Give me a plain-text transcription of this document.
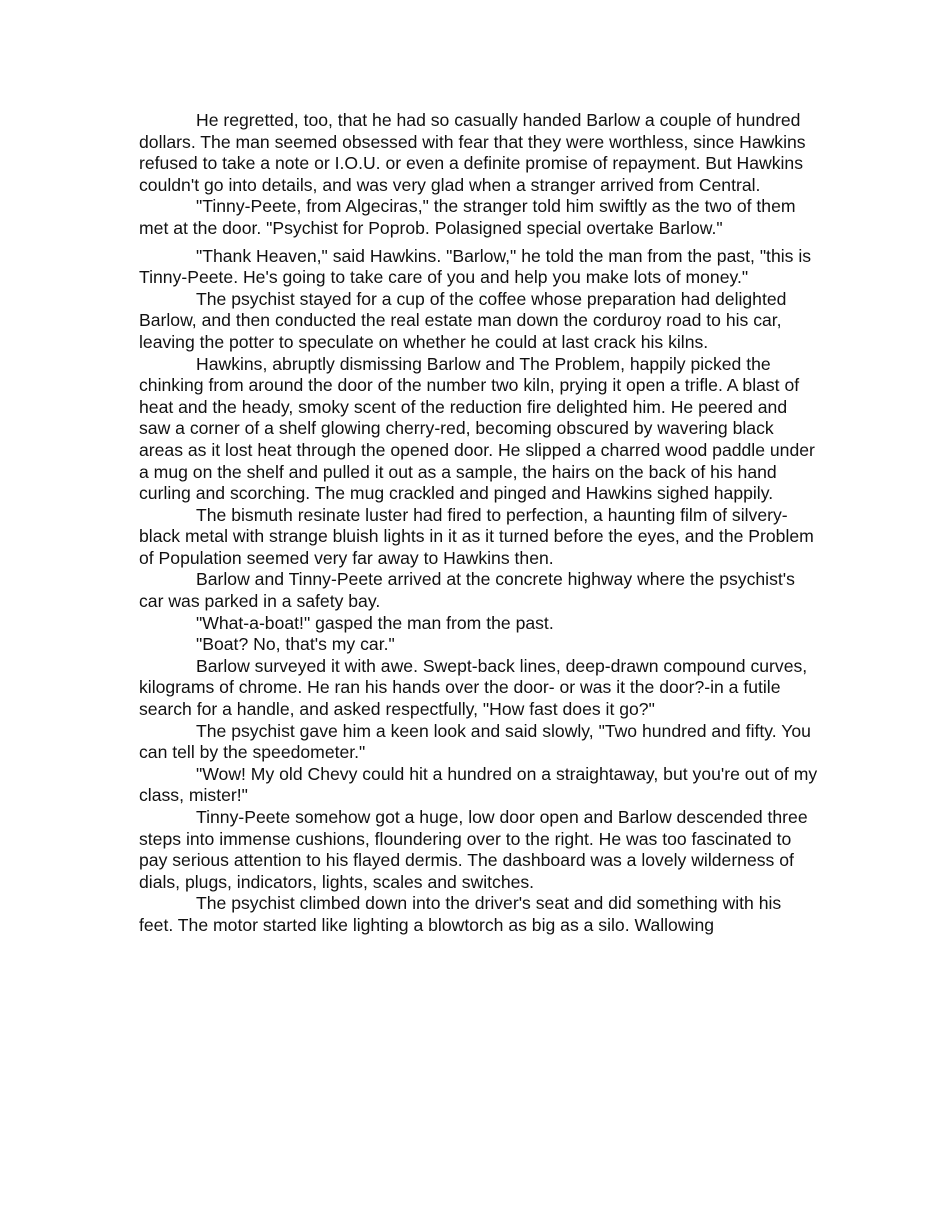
He regretted, too, that he had so casually handed Barlow a couple of hundred dollars. The man seemed obsessed with fear that they were worthless, since Hawkins refused to take a note or I.O.U. or even a definite promise of repayment. But Hawkins couldn't go into details, and was very glad when a stranger arrived from Central.

"Tinny-Peete, from Algeciras," the stranger told him swiftly as the two of them met at the door. "Psychist for Poprob. Polasigned special overtake Barlow."

"Thank Heaven," said Hawkins. "Barlow," he told the man from the past, "this is Tinny-Peete. He's going to take care of you and help you make lots of money."

The psychist stayed for a cup of the coffee whose preparation had delighted Barlow, and then conducted the real estate man down the corduroy road to his car, leaving the potter to speculate on whether he could at last crack his kilns.

Hawkins, abruptly dismissing Barlow and The Problem, happily picked the chinking from around the door of the number two kiln, prying it open a trifle. A blast of heat and the heady, smoky scent of the reduction fire delighted him. He peered and saw a corner of a shelf glowing cherry-red, becoming obscured by wavering black areas as it lost heat through the opened door. He slipped a charred wood paddle under a mug on the shelf and pulled it out as a sample, the hairs on the back of his hand curling and scorching. The mug crackled and pinged and Hawkins sighed happily.

The bismuth resinate luster had fired to perfection, a haunting film of silvery-black metal with strange bluish lights in it as it turned before the eyes, and the Problem of Population seemed very far away to Hawkins then.

Barlow and Tinny-Peete arrived at the concrete highway where the psychist's car was parked in a safety bay.

"What-a-boat!" gasped the man from the past.

"Boat? No, that's my car."

Barlow surveyed it with awe. Swept-back lines, deep-drawn compound curves, kilograms of chrome. He ran his hands over the door- or was it the door?-in a futile search for a handle, and asked respectfully, "How fast does it go?"

The psychist gave him a keen look and said slowly, "Two hundred and fifty. You can tell by the speedometer."

"Wow! My old Chevy could hit a hundred on a straightaway, but you're out of my class, mister!"

Tinny-Peete somehow got a huge, low door open and Barlow descended three steps into immense cushions, floundering over to the right. He was too fascinated to pay serious attention to his flayed dermis. The dashboard was a lovely wilderness of dials, plugs, indicators, lights, scales and switches.

The psychist climbed down into the driver's seat and did something with his feet. The motor started like lighting a blowtorch as big as a silo. Wallowing
